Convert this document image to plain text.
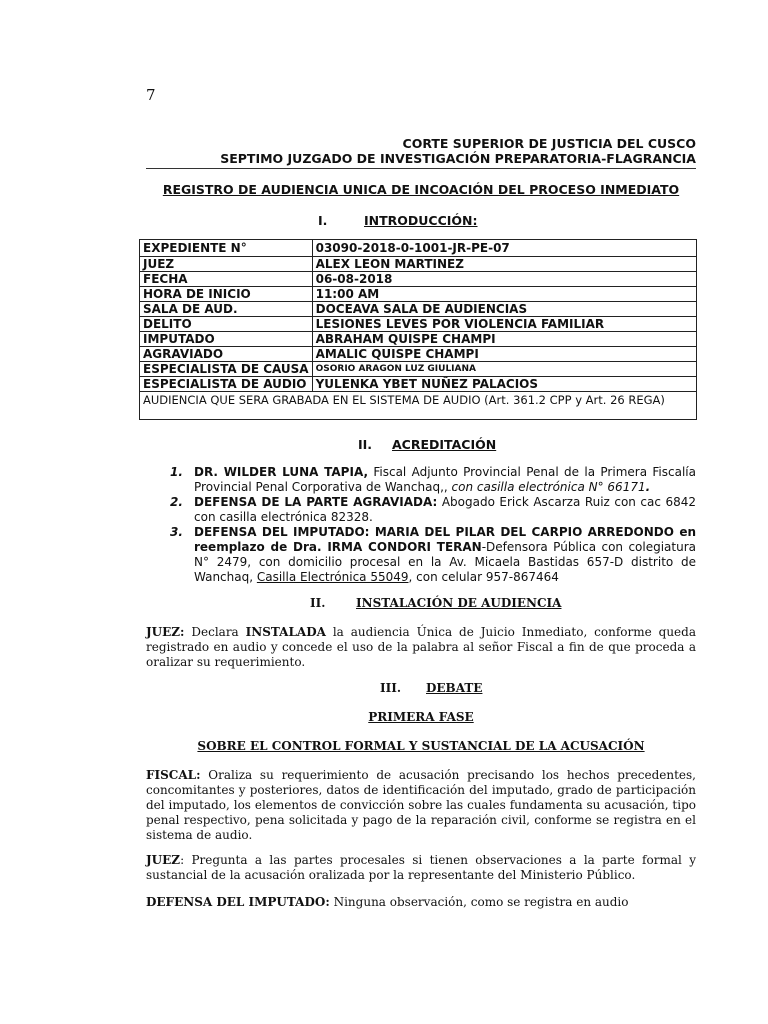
7
CORTE SUPERIOR DE JUSTICIA DEL CUSCO
SEPTIMO JUZGADO DE INVESTIGACIÓN PREPARATORIA-FLAGRANCIA
REGISTRO DE AUDIENCIA UNICA DE INCOACIÓN DEL PROCESO INMEDIATO
I.	INTRODUCCIÓN:
EXPEDIENTE N°	03090-2018-0-1001-JR-PE-07
JUEZ	ALEX LEON MARTINEZ
FECHA	06-08-2018
HORA DE INICIO	11:00 AM
SALA DE AUD.	DOCEAVA SALA DE AUDIENCIAS
DELITO	LESIONES LEVES POR VIOLENCIA FAMILIAR
IMPUTADO	ABRAHAM QUISPE CHAMPI
AGRAVIADO	AMALIC QUISPE CHAMPI
ESPECIALISTA DE CAUSA	OSORIO ARAGON LUZ GIULIANA
ESPECIALISTA DE AUDIO	YULENKA YBET NUÑEZ PALACIOS
AUDIENCIA QUE SERA GRABADA EN EL SISTEMA DE AUDIO (Art. 361.2 CPP y Art. 26 REGA)	
II. ACREDITACIÓN
1. DR. WILDER LUNA TAPIA, Fiscal Adjunto Provincial Penal de la Primera Fiscalía Provincial Penal Corporativa de Wanchaq,, con casilla electrónica N° 66171.
2. DEFENSA DE LA PARTE AGRAVIADA: Abogado Erick Ascarza Ruiz con cac 6842 con casilla electrónica 82328.
3. DEFENSA DEL IMPUTADO: MARIA DEL PILAR DEL CARPIO ARREDONDO en reemplazo de Dra. IRMA CONDORI TERAN-Defensora Pública con colegiatura N° 2479, con domicilio procesal en la Av. Micaela Bastidas 657-D distrito de Wanchaq, Casilla Electrónica 55049, con celular 957-867464
II.	INSTALACIÓN DE AUDIENCIA
JUEZ: Declara INSTALADA la audiencia Única de Juicio Inmediato, conforme queda registrado en audio y concede el uso de la palabra al señor Fiscal a fin de que proceda a oralizar su requerimiento.
III. DEBATE
PRIMERA FASE
SOBRE EL CONTROL FORMAL Y SUSTANCIAL DE LA ACUSACIÓN
FISCAL: Oraliza su requerimiento de acusación precisando los hechos precedentes, concomitantes y posteriores, datos de identificación del imputado, grado de participación del imputado, los elementos de convicción sobre las cuales fundamenta su acusación, tipo penal respectivo, pena solicitada y pago de la reparación civil, conforme se registra en el sistema de audio.
JUEZ: Pregunta a las partes procesales si tienen observaciones a la parte formal y sustancial de la acusación oralizada por la representante del Ministerio Público.
DEFENSA DEL IMPUTADO: Ninguna observación, como se registra en audio
